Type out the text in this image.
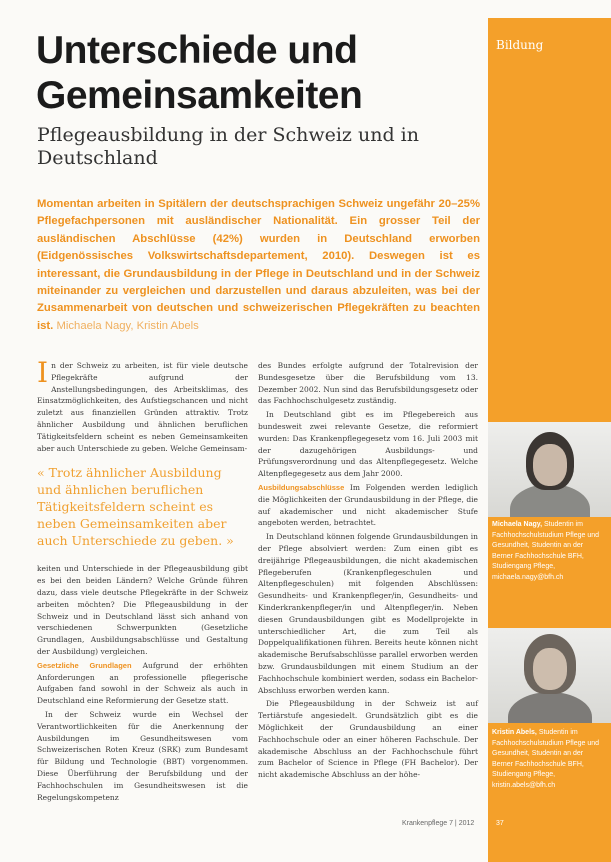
Bildung
Unterschiede und Gemeinsamkeiten
Pflegeausbildung in der Schweiz und in Deutschland
Momentan arbeiten in Spitälern der deutschsprachigen Schweiz ungefähr 20–25% Pflegefachpersonen mit ausländischer Nationalität. Ein grosser Teil der ausländischen Abschlüsse (42%) wurden in Deutschland erworben (Eidgenössisches Volkswirtschaftsdepartement, 2010). Deswegen ist es interessant, die Grundausbildung in der Pflege in Deutschland und in der Schweiz miteinander zu vergleichen und darzustellen und daraus abzuleiten, was bei der Zusammenarbeit von deutschen und schweizerischen Pflegekräften zu beachten ist. Michaela Nagy, Kristin Abels

In der Schweiz zu arbeiten, ist für viele deutsche Pflegekräfte aufgrund der Anstellungsbedingungen, des Arbeitsklimas, des Einsatzmöglichkeiten, des Aufstiegschancen und nicht zuletzt aus finanziellen Gründen attraktiv. Trotz ähnlicher Ausbildung und ähnlichen beruflichen Tätigkeitsfeldern scheint es neben Gemeinsamkeiten aber auch Unterschiede zu geben. Welche Gemeinsam-

« Trotz ähnlicher Ausbildung und ähnlichen beruflichen Tätigkeitsfeldern scheint es neben Gemeinsamkeiten aber auch Unterschiede zu geben. »

keiten und Unterschiede in der Pflegeausbildung gibt es bei den beiden Ländern? Welche Gründe führen dazu, dass viele deutsche Pflegekräfte in der Schweiz arbeiten möchten? Die Pflegeausbildung in der Schweiz und in Deutschland lässt sich anhand von verschiedenen Schwerpunkten (Gesetzliche Grundlagen, Ausbildungsabschlüsse und Gestaltung der Ausbildung) vergleichen.

Gesetzliche Grundlagen Aufgrund der erhöhten Anforderungen an professionelle pflegerische Aufgaben fand sowohl in der Schweiz als auch in Deutschland eine Reformierung der Gesetze statt.

In der Schweiz wurde ein Wechsel der Verantwortlichkeiten für die Anerkennung der Ausbildungen im Gesundheitswesen vom Schweizerischen Roten Kreuz (SRK) zum Bundesamt für Bildung und Technologie (BBT) vorgenommen. Diese Überführung der Berufsbildung und der Fachhochschulen im Gesundheitswesen ist die Regelungskompetenz

des Bundes erfolgte aufgrund der Totalrevision der Bundesgesetze über die Berufsbildung vom 13. Dezember 2002. Nun sind das Berufsbildungsgesetz oder das Fachhochschulgesetz zuständig.

In Deutschland gibt es im Pflegebereich aus bundesweit zwei relevante Gesetze, die reformiert wurden: Das Krankenpflegegesetz vom 16. Juli 2003 mit der dazugehörigen Ausbildungs- und Prüfungsverordnung und das Altenpflegegesetz. Welche Altenpflegegesetz aus dem Jahr 2000.

Ausbildungsabschlüsse Im Folgenden werden lediglich die Möglichkeiten der Grundausbildung in der Pflege, die auf akademischer und nicht akademischer Stufe angeboten werden, betrachtet.

In Deutschland können folgende Grundausbildungen in der Pflege absolviert werden: Zum einen gibt es dreijährige Pflegeausbildungen, die nicht akademischen Pflegeberufen (Krankenpflegeschulen und Altenpflegeschulen) mit folgenden Abschlüssen: Gesundheits- und Krankenpfleger/in, Gesundheits- und Kinderkrankenpfleger/in und Altenpfleger/in. Neben diesen Grundausbildungen gibt es Modellprojekte in unterschiedlicher Art, die zum Teil als Doppelqualifikationen führen. Bereits heute können nicht akademische Berufsabschlüsse parallel erworben werden bzw. Grundausbildungen mit einem Studium an der Fachhochschule kombiniert werden, sodass ein Bachelor-Abschluss erworben werden kann.

Die Pflegeausbildung in der Schweiz ist auf Tertiärstufe angesiedelt. Grundsätzlich gibt es die Möglichkeit der Grundausbildung an einer Fachhochschule oder an einer höheren Fachschule. Der akademische Abschluss an der Fachhochschule führt zum Bachelor of Science in Pflege (FH Bachelor). Der nicht akademische Abschluss an der höhe-

Michaela Nagy, Studentin im Fachhochschulstudium Pflege und Gesundheit, Studentin an der Berner Fachhochschule BFH, Studiengang Pflege, michaela.nagy@bfh.ch
Kristin Abels, Studentin im Fachhochschulstudium Pflege und Gesundheit, Studentin an der Berner Fachhochschule BFH, Studiengang Pflege, kristin.abels@bfh.ch
Krankenpflege 7 | 2012	37
